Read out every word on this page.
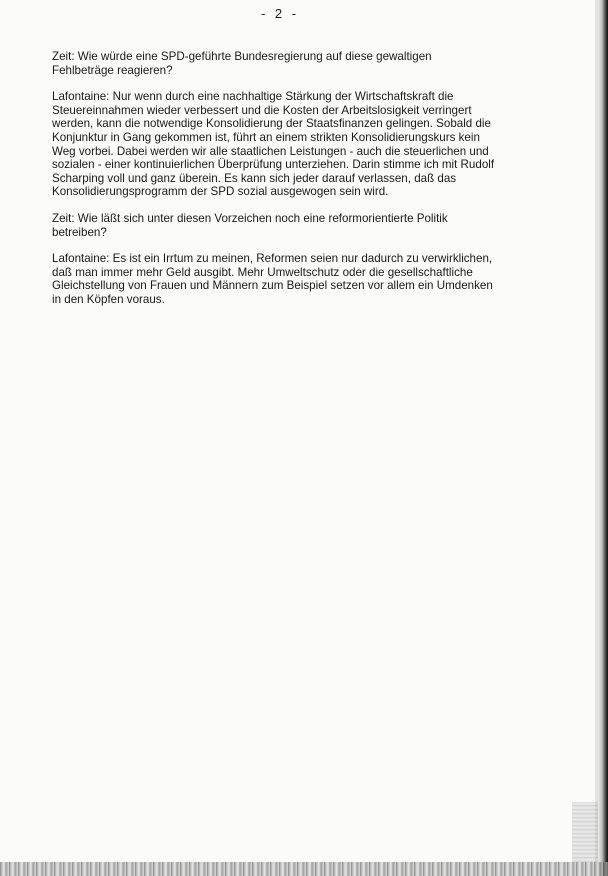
- 2 -

Zeit: Wie würde eine SPD-geführte Bundesregierung auf diese gewaltigen
Fehlbeträge reagieren?

Lafontaine: Nur wenn durch eine nachhaltige Stärkung der Wirtschaftskraft die
Steuereinnahmen wieder verbessert und die Kosten der Arbeitslosigkeit verringert
werden, kann die notwendige Konsolidierung der Staatsfinanzen gelingen. Sobald die
Konjunktur in Gang gekommen ist, führt an einem strikten Konsolidierungskurs kein
Weg vorbei. Dabei werden wir alle staatlichen Leistungen - auch die steuerlichen und
sozialen - einer kontinuierlichen Überprüfung unterziehen. Darin stimme ich mit Rudolf
Scharping voll und ganz überein. Es kann sich jeder darauf verlassen, daß das
Konsolidierungsprogramm der SPD sozial ausgewogen sein wird.

Zeit: Wie läßt sich unter diesen Vorzeichen noch eine reformorientierte Politik
betreiben?

Lafontaine: Es ist ein Irrtum zu meinen, Reformen seien nur dadurch zu verwirklichen,
daß man immer mehr Geld ausgibt. Mehr Umweltschutz oder die gesellschaftliche
Gleichstellung von Frauen und Männern zum Beispiel setzen vor allem ein Umdenken
in den Köpfen voraus.
